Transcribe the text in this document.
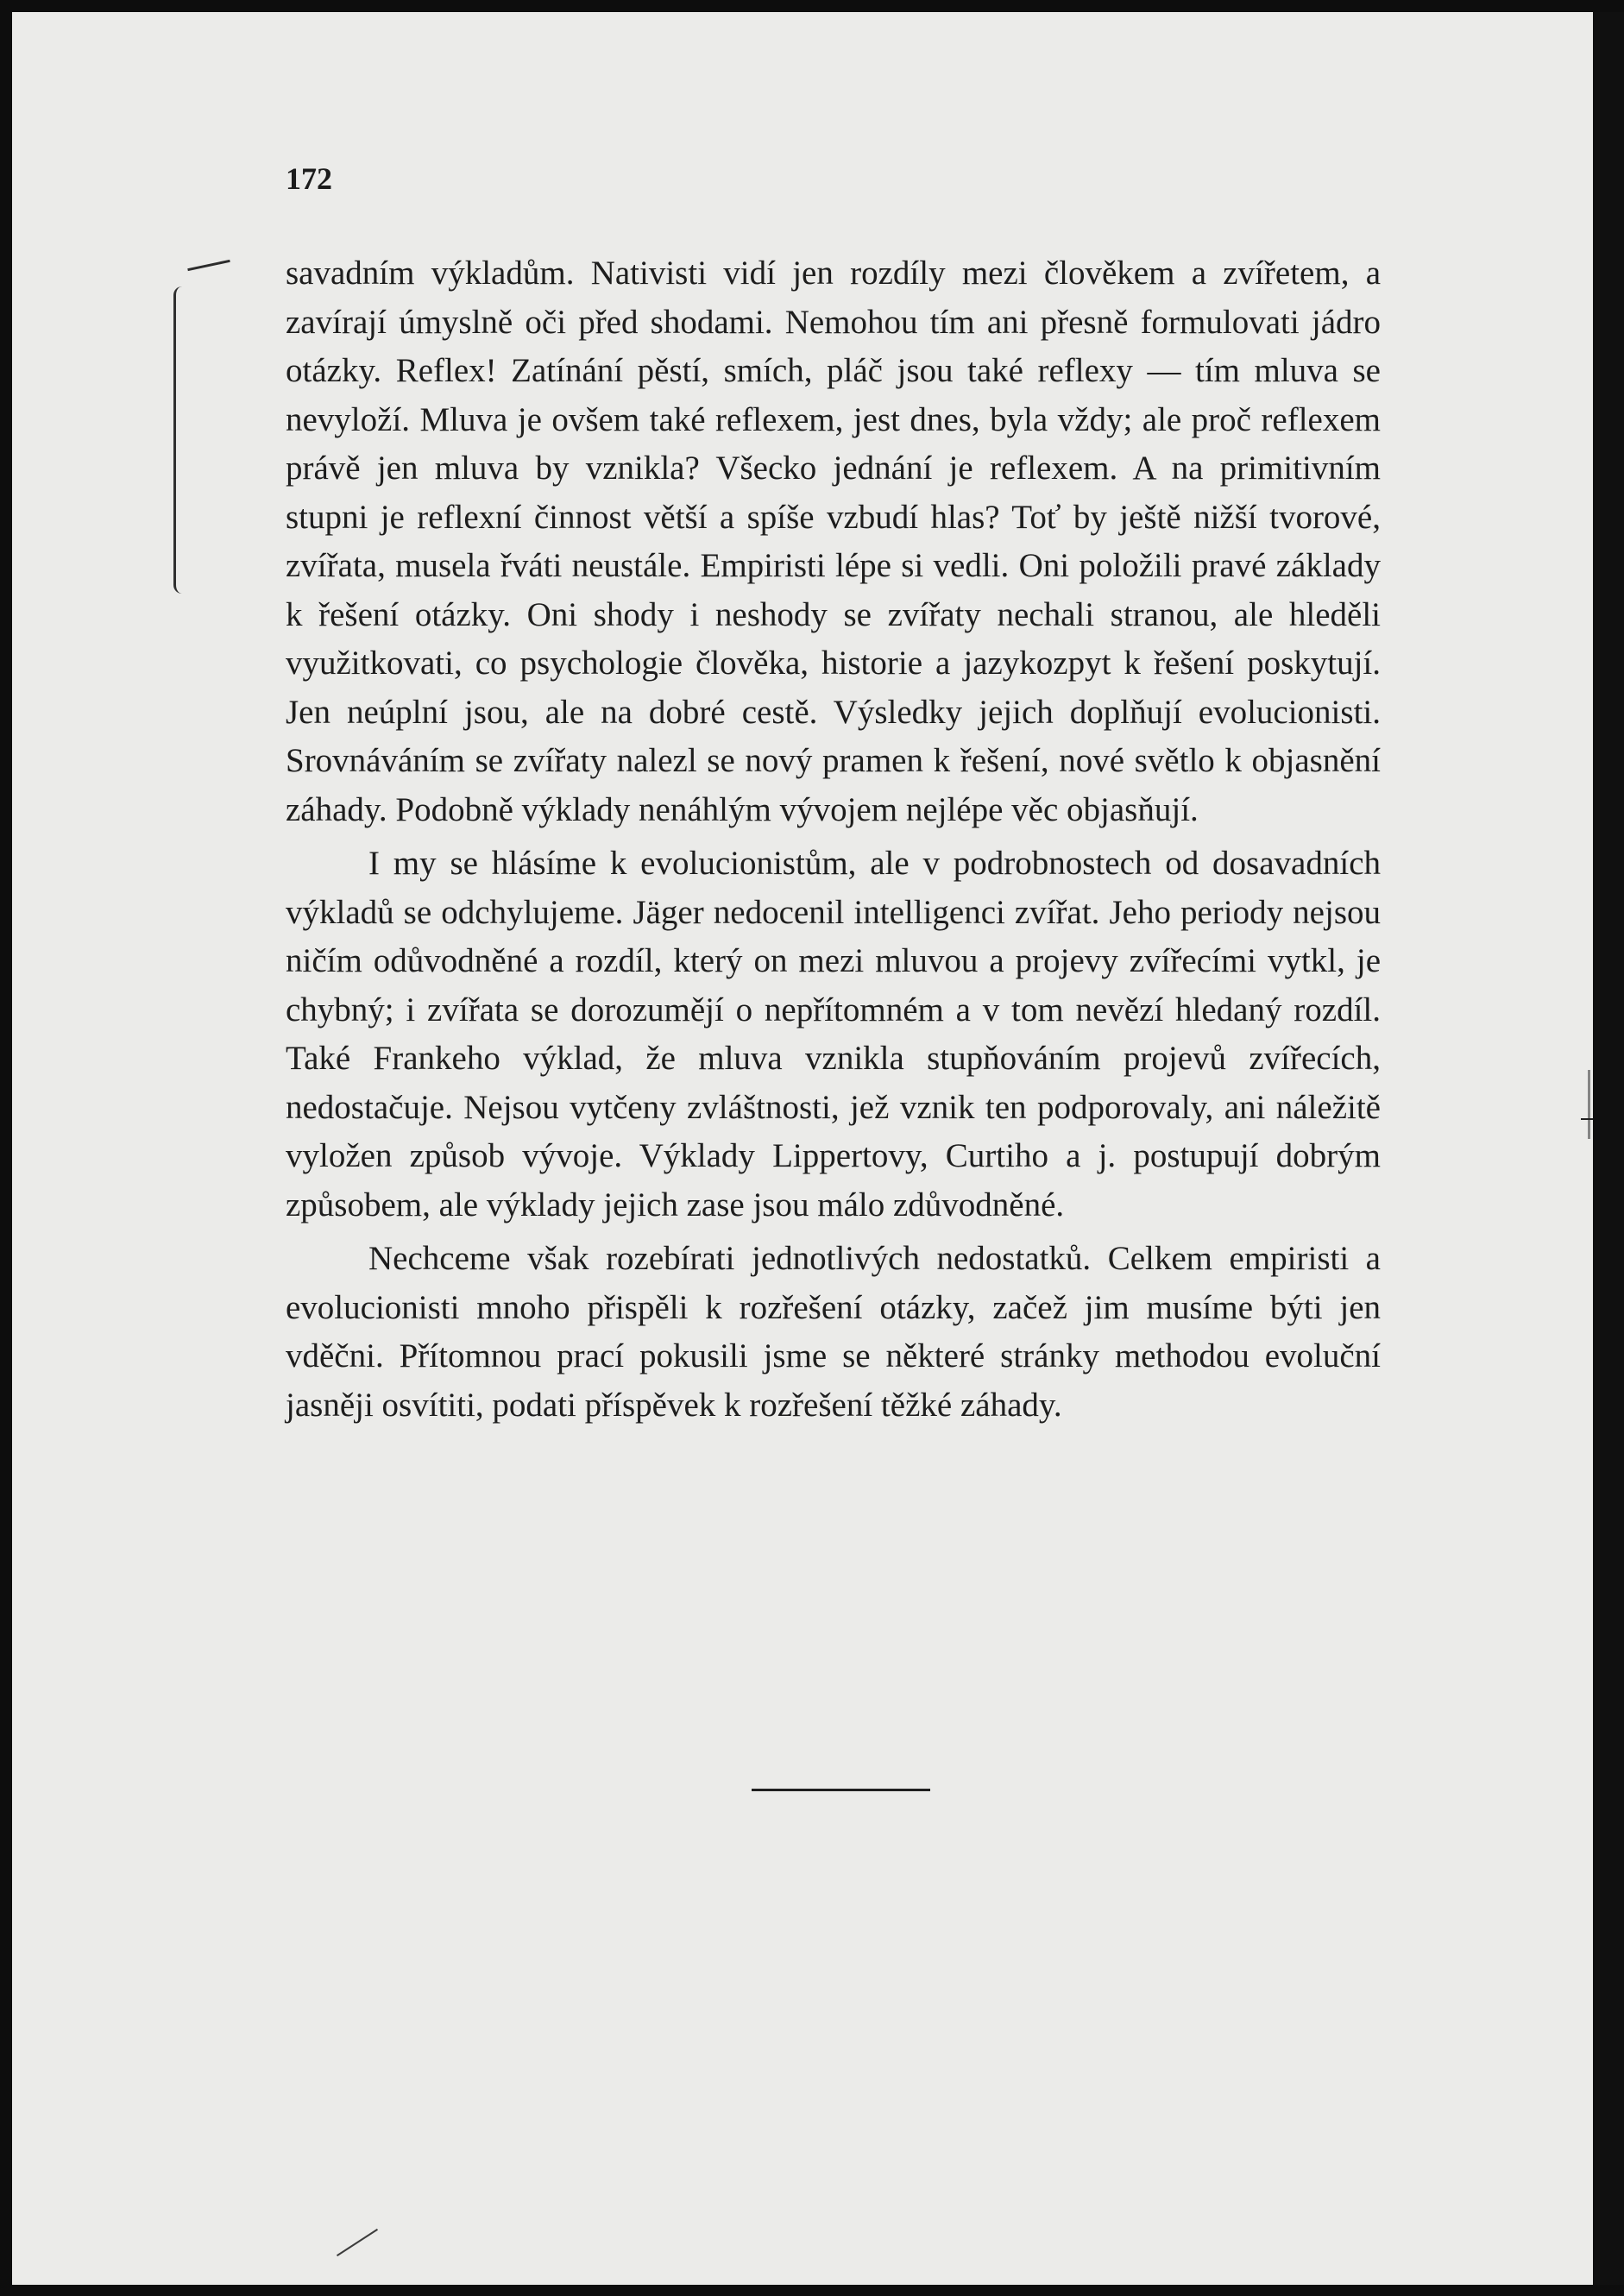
172

savadním výkladům. Nativisti vidí jen rozdíly mezi člověkem a zvířetem, a zavírají úmyslně oči před shodami. Nemohou tím ani přesně formulovati jádro otázky. Reflex! Zatínání pěstí, smích, pláč jsou také reflexy — tím mluva se nevyloží. Mluva je ovšem také reflexem, jest dnes, byla vždy; ale proč reflexem právě jen mluva by vznikla? Všecko jednání je reflexem. A na primitivním stupni je reflexní činnost větší a spíše vzbudí hlas? Toť by ještě nižší tvorové, zvířata, musela řváti neustále. Empiristi lépe si vedli. Oni položili pravé základy k řešení otázky. Oni shody i neshody se zvířaty nechali stranou, ale hleděli využitkovati, co psychologie člověka, historie a jazykozpyt k řešení poskytují. Jen neúplní jsou, ale na dobré cestě. Výsledky jejich doplňují evolucionisti. Srovnáváním se zvířaty nalezl se nový pramen k řešení, nové světlo k objasnění záhady. Podobně výklady nenáhlým vývojem nejlépe věc objasňují.

I my se hlásíme k evolucionistům, ale v podrobnostech od dosavadních výkladů se odchylujeme. Jäger nedocenil intelligenci zvířat. Jeho periody nejsou ničím odůvodněné a rozdíl, který on mezi mluvou a projevy zvířecími vytkl, je chybný; i zvířata se dorozumějí o nepřítomném a v tom nevězí hledaný rozdíl. Také Frankeho výklad, že mluva vznikla stupňováním projevů zvířecích, nedostačuje. Nejsou vytčeny zvláštnosti, jež vznik ten podporovaly, ani náležitě vyložen způsob vývoje. Výklady Lippertovy, Curtiho a j. postupují dobrým způsobem, ale výklady jejich zase jsou málo zdůvodněné.

Nechceme však rozebírati jednotlivých nedostatků. Celkem empiristi a evolucionisti mnoho přispěli k rozřešení otázky, začež jim musíme býti jen vděčni. Přítomnou prací pokusili jsme se některé stránky methodou evoluční jasněji osvítiti, podati příspěvek k rozřešení těžké záhady.
